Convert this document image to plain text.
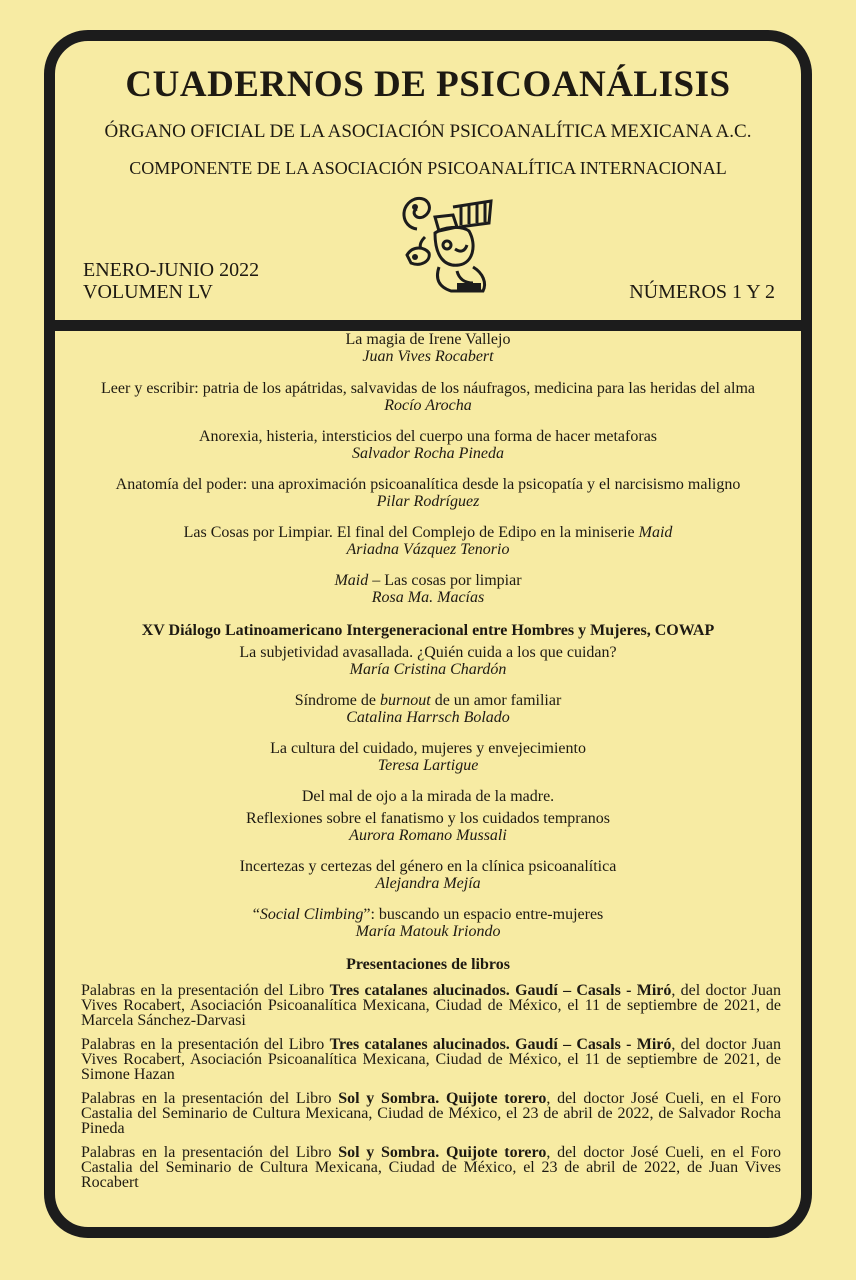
CUADERNOS DE PSICOANÁLISIS
ÓRGANO OFICIAL DE LA ASOCIACIÓN PSICOANALÍTICA MEXICANA A.C.
COMPONENTE DE LA ASOCIACIÓN PSICOANALÍTICA INTERNACIONAL
ENERO-JUNIO 2022
VOLUMEN LV	NÚMEROS 1 Y 2
La magia de Irene Vallejo
Juan Vives Rocabert
Leer y escribir: patria de los apátridas, salvavidas de los náufragos, medicina para las heridas del alma
Rocío Arocha
Anorexia, histeria, intersticios del cuerpo una forma de hacer metaforas
Salvador Rocha Pineda
Anatomía del poder: una aproximación psicoanalítica desde la psicopatía y el narcisismo maligno
Pilar Rodríguez
Las Cosas por Limpiar. El final del Complejo de Edipo en la miniserie Maid
Ariadna Vázquez Tenorio
Maid – Las cosas por limpiar
Rosa Ma. Macías
XV Diálogo Latinoamericano Intergeneracional entre Hombres y Mujeres, COWAP
La subjetividad avasallada. ¿Quién cuida a los que cuidan?
María Cristina Chardón
Síndrome de burnout de un amor familiar
Catalina Harrsch Bolado
La cultura del cuidado, mujeres y envejecimiento
Teresa Lartigue
Del mal de ojo a la mirada de la madre.
Reflexiones sobre el fanatismo y los cuidados tempranos
Aurora Romano Mussali
Incertezas y certezas del género en la clínica psicoanalítica
Alejandra Mejía
“Social Climbing”: buscando un espacio entre-mujeres
María Matouk Iriondo
Presentaciones de libros
Palabras en la presentación del Libro Tres catalanes alucinados. Gaudí – Casals - Miró, del doctor Juan Vives Rocabert, Asociación Psicoanalítica Mexicana, Ciudad de México, el 11 de septiembre de 2021, de Marcela Sánchez-Darvasi
Palabras en la presentación del Libro Tres catalanes alucinados. Gaudí – Casals - Miró, del doctor Juan Vives Rocabert, Asociación Psicoanalítica Mexicana, Ciudad de México, el 11 de septiembre de 2021, de Simone Hazan
Palabras en la presentación del Libro Sol y Sombra. Quijote torero, del doctor José Cueli, en el Foro Castalia del Seminario de Cultura Mexicana, Ciudad de México, el 23 de abril de 2022, de Salvador Rocha Pineda
Palabras en la presentación del Libro Sol y Sombra. Quijote torero, del doctor José Cueli, en el Foro Castalia del Seminario de Cultura Mexicana, Ciudad de México, el 23 de abril de 2022, de Juan Vives Rocabert
